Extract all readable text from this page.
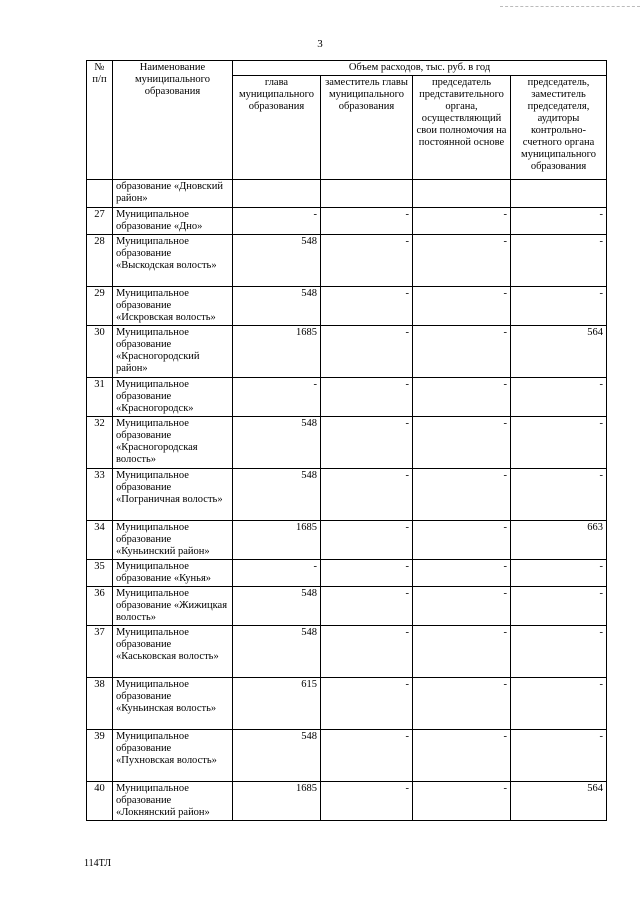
3
№ п/п	Наименование муниципального образования	Объем расходов, тыс. руб. в год			
		глава муниципального образования	заместитель главы муниципального образования	председатель представительного органа, осуществляющий свои полномочия на постоянной основе	председатель, заместитель председателя, аудиторы контрольно-счетного органа муниципального образования
	образование «Дновский район»				
27	Муниципальное образование «Дно»	-	-	-	-
28	Муниципальное образование «Выскодская волость»	548	-	-	-
29	Муниципальное образование «Искровская волость»	548	-	-	-
30	Муниципальное образование «Красногородский район»	1685	-	-	564
31	Муниципальное образование «Красногородск»	-	-	-	-
32	Муниципальное образование «Красногородская волость»	548	-	-	-
33	Муниципальное образование «Пограничная волость»	548	-	-	-
34	Муниципальное образование «Куньинский район»	1685	-	-	663
35	Муниципальное образование «Кунья»	-	-	-	-
36	Муниципальное образование «Жижицкая волость»	548	-	-	-
37	Муниципальное образование «Каськовская волость»	548	-	-	-
38	Муниципальное образование «Куньинская волость»	615	-	-	-
39	Муниципальное образование «Пухновская волость»	548	-	-	-
40	Муниципальное образование «Локнянский район»	1685	-	-	564
114ТЛ
